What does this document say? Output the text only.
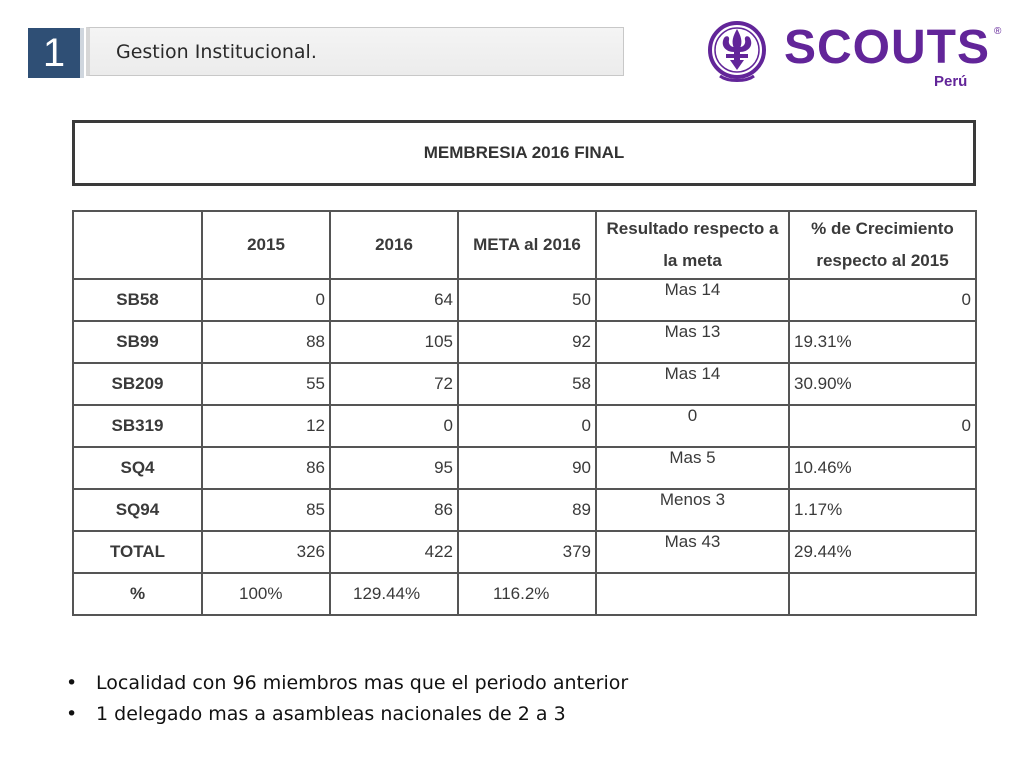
1	Gestion Institucional.	SCOUTS ®
Perú
MEMBRESIA 2016 FINAL
	2015	2016	META al 2016	Resultado respecto a la meta	% de Crecimiento respecto al 2015
SB58	0	64	50	Mas 14	0
SB99	88	105	92	Mas 13	19.31%
SB209	55	72	58	Mas 14	30.90%
SB319	12	0	0	0	0
SQ4	86	95	90	Mas 5	10.46%
SQ94	85	86	89	Menos 3	1.17%
TOTAL	326	422	379	Mas 43	29.44%
%	100%	129.44%	116.2%		
• Localidad con 96 miembros mas que el periodo anterior
• 1 delegado mas a asambleas nacionales de 2 a 3
